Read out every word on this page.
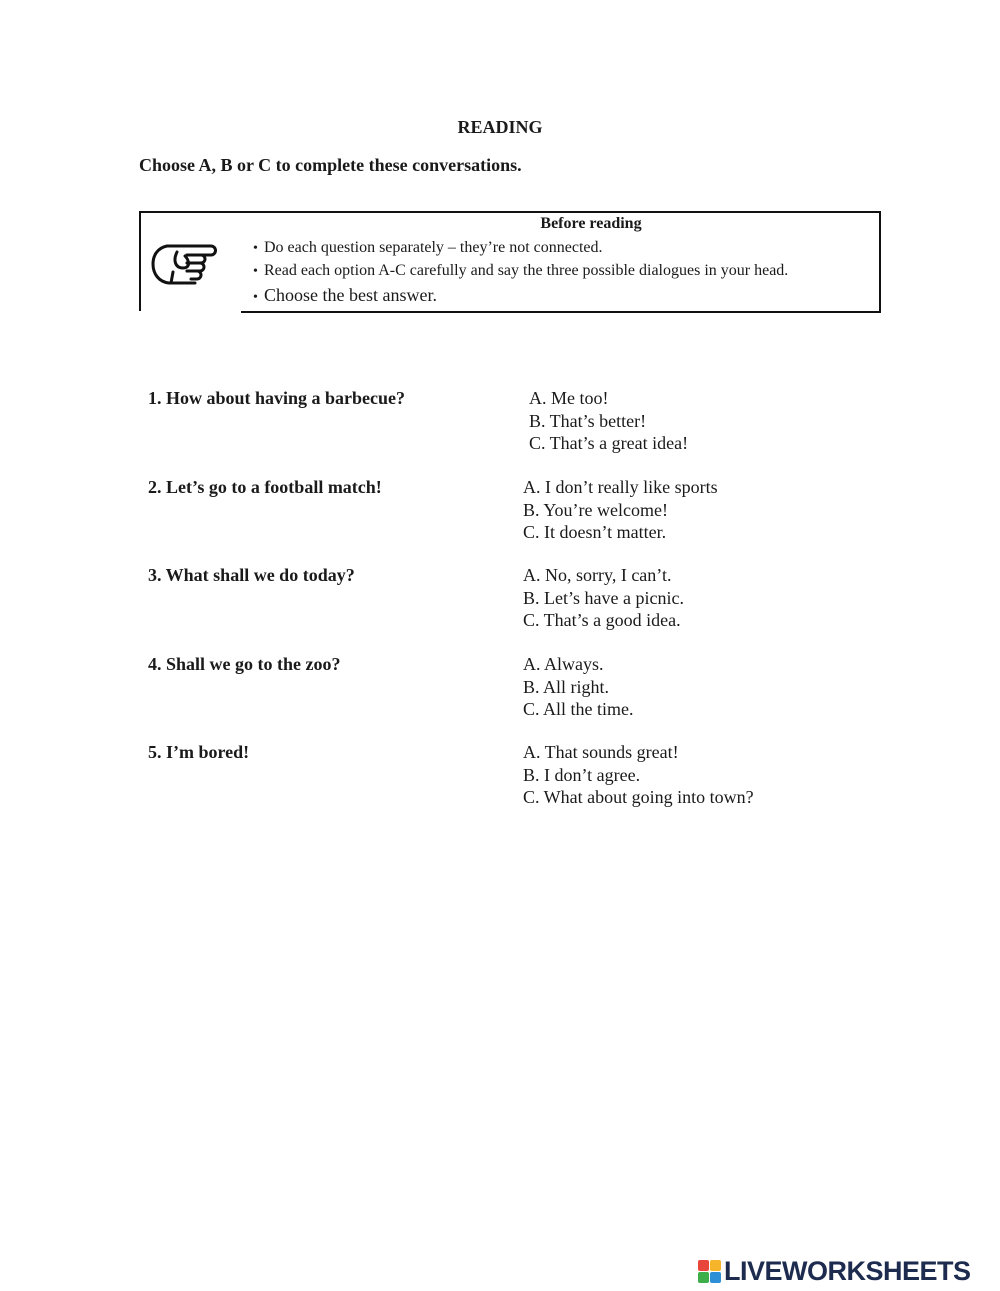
READING
Choose A, B or C to complete these conversations.
Before reading
• Do each question separately – they’re not connected.
• Read each option A-C carefully and say the three possible dialogues in your head.
• Choose the best answer.
1. How about having a barbecue?	A. Me too!
B. That’s better!
C. That’s a great idea!
2. Let’s go to a football match!	A. I don’t really like sports
B. You’re welcome!
C. It doesn’t matter.
3. What shall we do today?	A. No, sorry, I can’t.
B. Let’s have a picnic.
C. That’s a good idea.
4. Shall we go to the zoo?	A. Always.
B. All right.
C. All the time.
5. I’m bored!	A. That sounds great!
B. I don’t agree.
C. What about going into town?
LIVEWORKSHEETS
